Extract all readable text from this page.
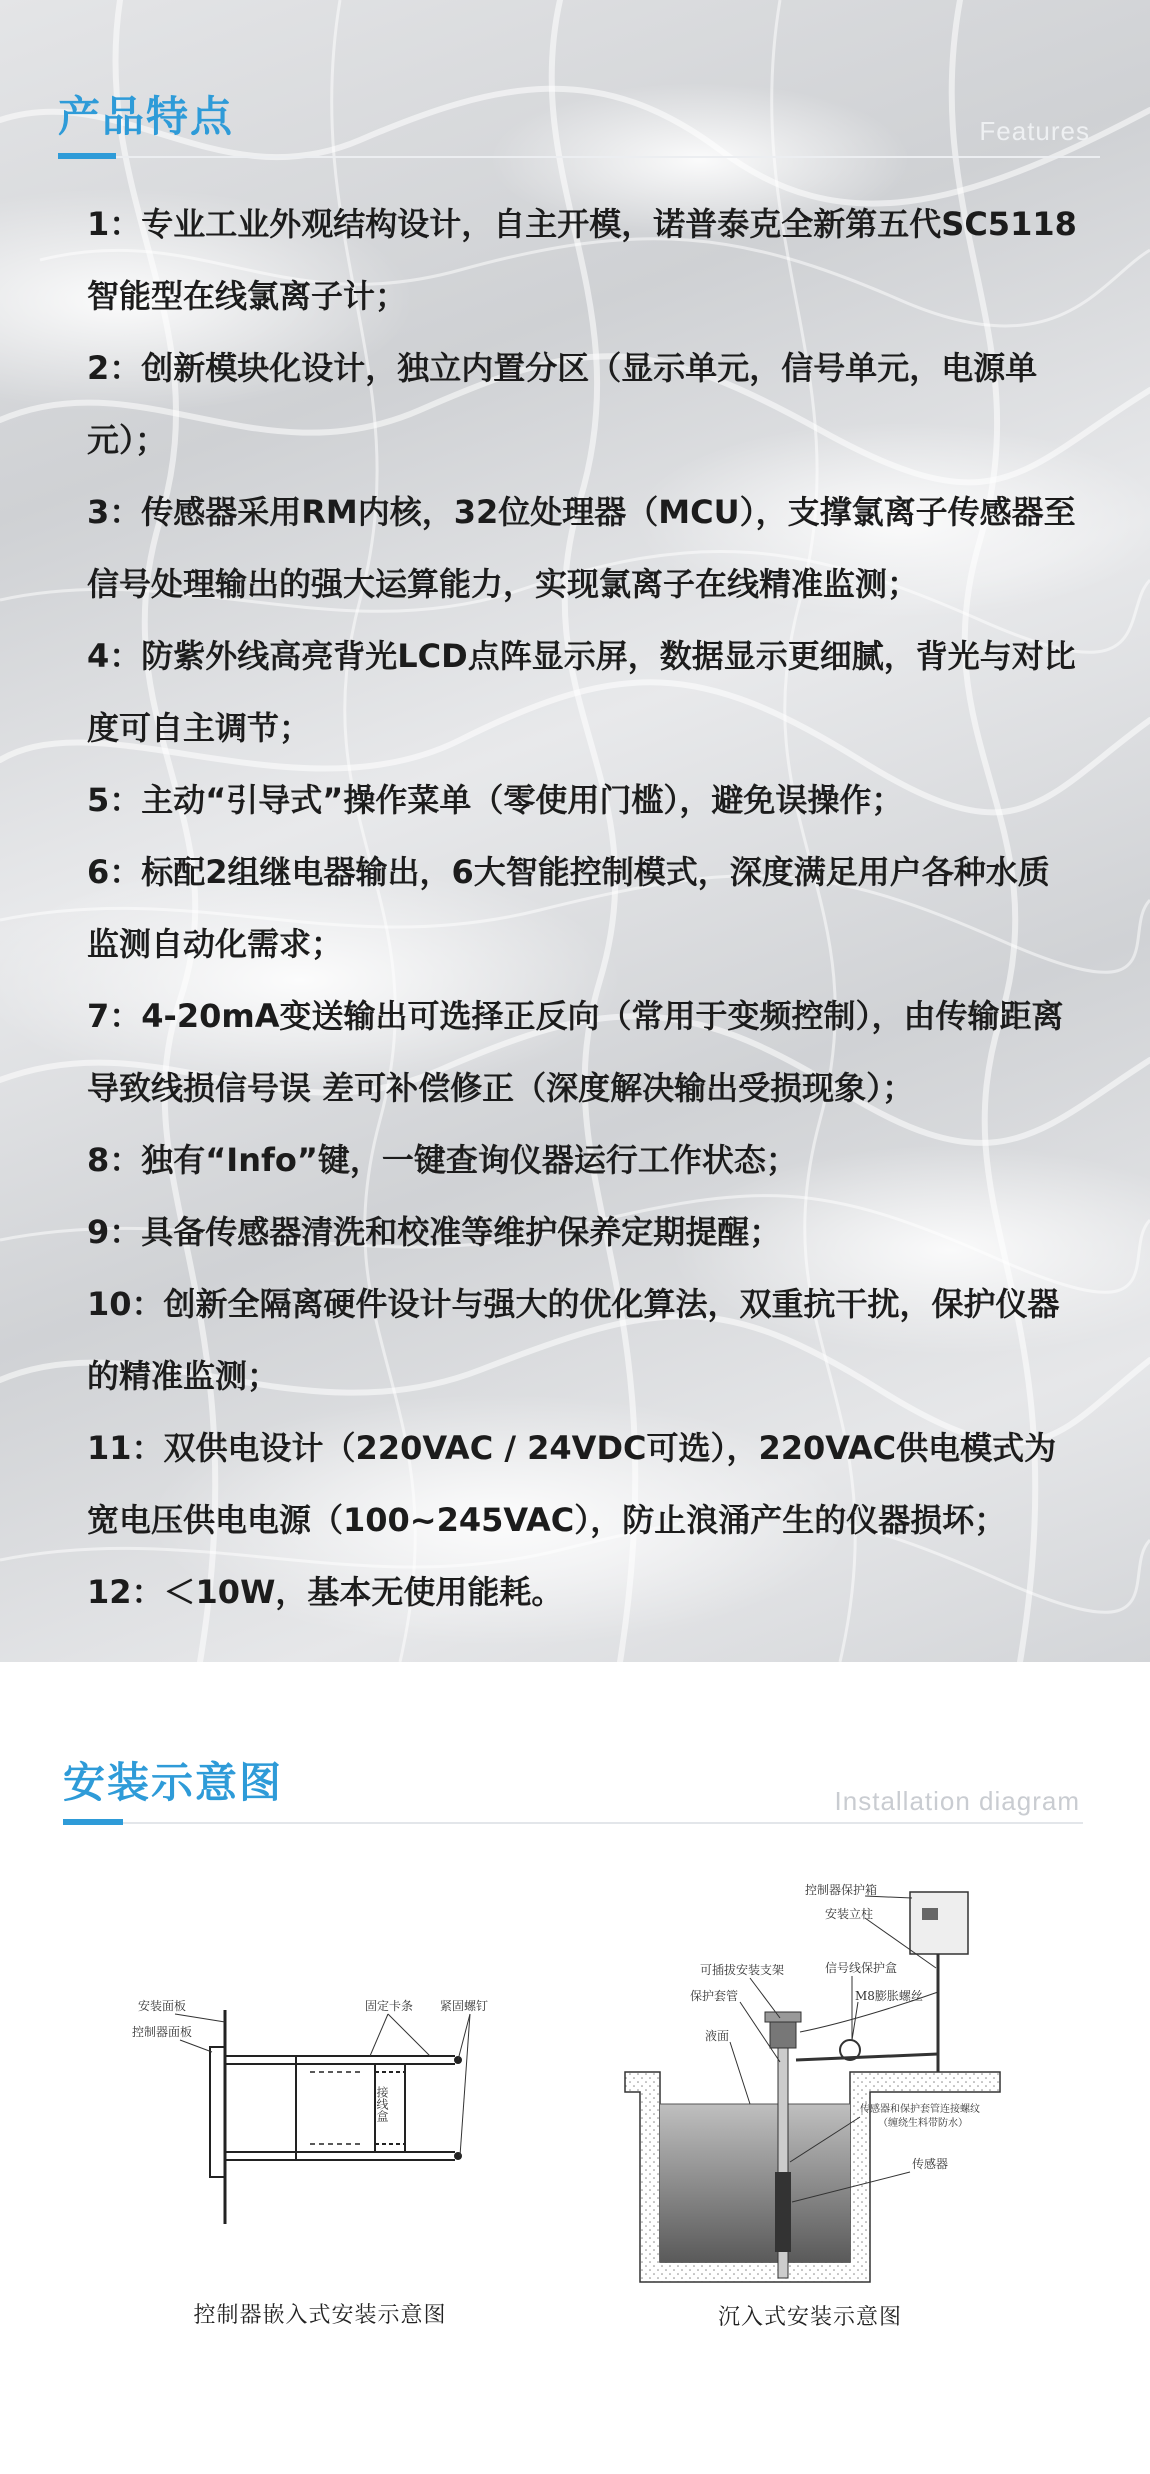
产品特点	Features
1：专业工业外观结构设计，自主开模，诺普泰克全新第五代SC5118智能型在线氯离子计；
2：创新模块化设计，独立内置分区（显示单元，信号单元，电源单元）；
3：传感器采用RM内核，32位处理器（MCU），支撑氯离子传感器至信号处理输出的强大运算能力，实现氯离子在线精准监测；
4：防紫外线高亮背光LCD点阵显示屏，数据显示更细腻，背光与对比度可自主调节；
5：主动“引导式”操作菜单（零使用门槛），避免误操作；
6：标配2组继电器输出，6大智能控制模式，深度满足用户各种水质监测自动化需求；
7：4-20mA变送输出可选择正反向（常用于变频控制），由传输距离导致线损信号误 差可补偿修正（深度解决输出受损现象）；
8：独有“Info”键，一键查询仪器运行工作状态；
9：具备传感器清洗和校准等维护保养定期提醒；
10：创新全隔离硬件设计与强大的优化算法，双重抗干扰，保护仪器的精准监测；
11：双供电设计（220VAC / 24VDC可选），220VAC供电模式为宽电压供电电源（100~245VAC），防止浪涌产生的仪器损坏；
12：＜10W，基本无使用能耗。
安装示意图	Installation diagram
安装面板
控制器面板
固定卡条 紧固螺钉
接线盒
控制器嵌入式安装示意图
控制器保护箱
安装立柱
可插拔安装支架	信号线保护盒
M8膨胀螺丝
保护套管
液面
传感器和保护套管连接螺纹
（缠绕生料带防水）
传感器
沉入式安装示意图
